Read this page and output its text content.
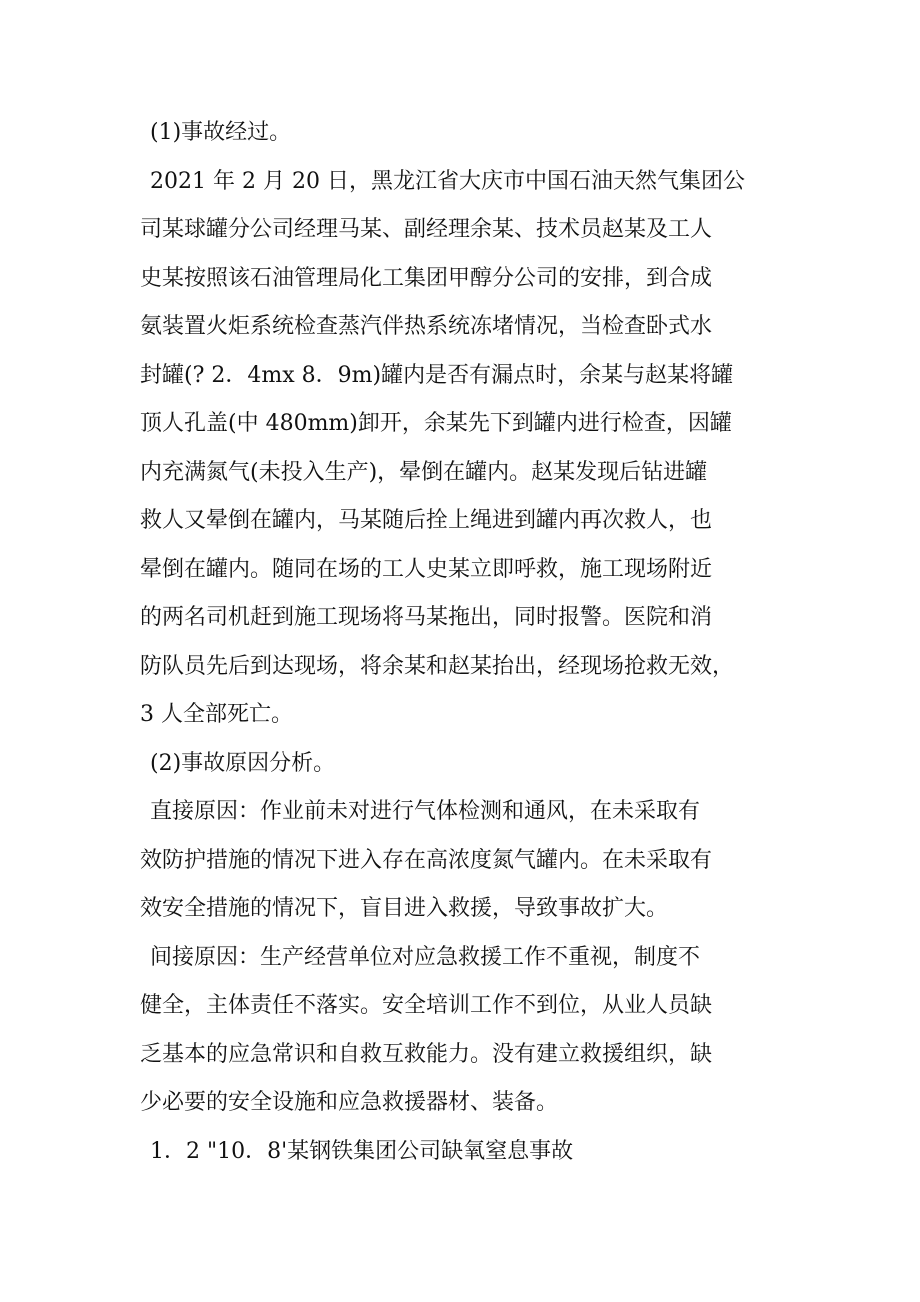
(1)事故经过。
2021 年 2 月 20 日，黑龙江省大庆市中国石油天然气集团公
司某球罐分公司经理马某、副经理余某、技术员赵某及工人
史某按照该石油管理局化工集团甲醇分公司的安排，到合成
氨装置火炬系统检查蒸汽伴热系统冻堵情况，当检查卧式水
封罐(? 2．4mx 8．9m)罐内是否有漏点时，余某与赵某将罐
顶人孔盖(中 480mm)卸开，余某先下到罐内进行检查，因罐
内充满氮气(未投入生产)，晕倒在罐内。赵某发现后钻进罐
救人又晕倒在罐内，马某随后拴上绳进到罐内再次救人，也
晕倒在罐内。随同在场的工人史某立即呼救，施工现场附近
的两名司机赶到施工现场将马某拖出，同时报警。医院和消
防队员先后到达现场，将余某和赵某抬出，经现场抢救无效，
3 人全部死亡。
(2)事故原因分析。
直接原因：作业前未对进行气体检测和通风，在未采取有
效防护措施的情况下进入存在高浓度氮气罐内。在未采取有
效安全措施的情况下，盲目进入救援，导致事故扩大。
间接原因：生产经营单位对应急救援工作不重视，制度不
健全，主体责任不落实。安全培训工作不到位，从业人员缺
乏基本的应急常识和自救互救能力。没有建立救援组织，缺
少必要的安全设施和应急救援器材、装备。
1．2 "10．8'某钢铁集团公司缺氧窒息事故
